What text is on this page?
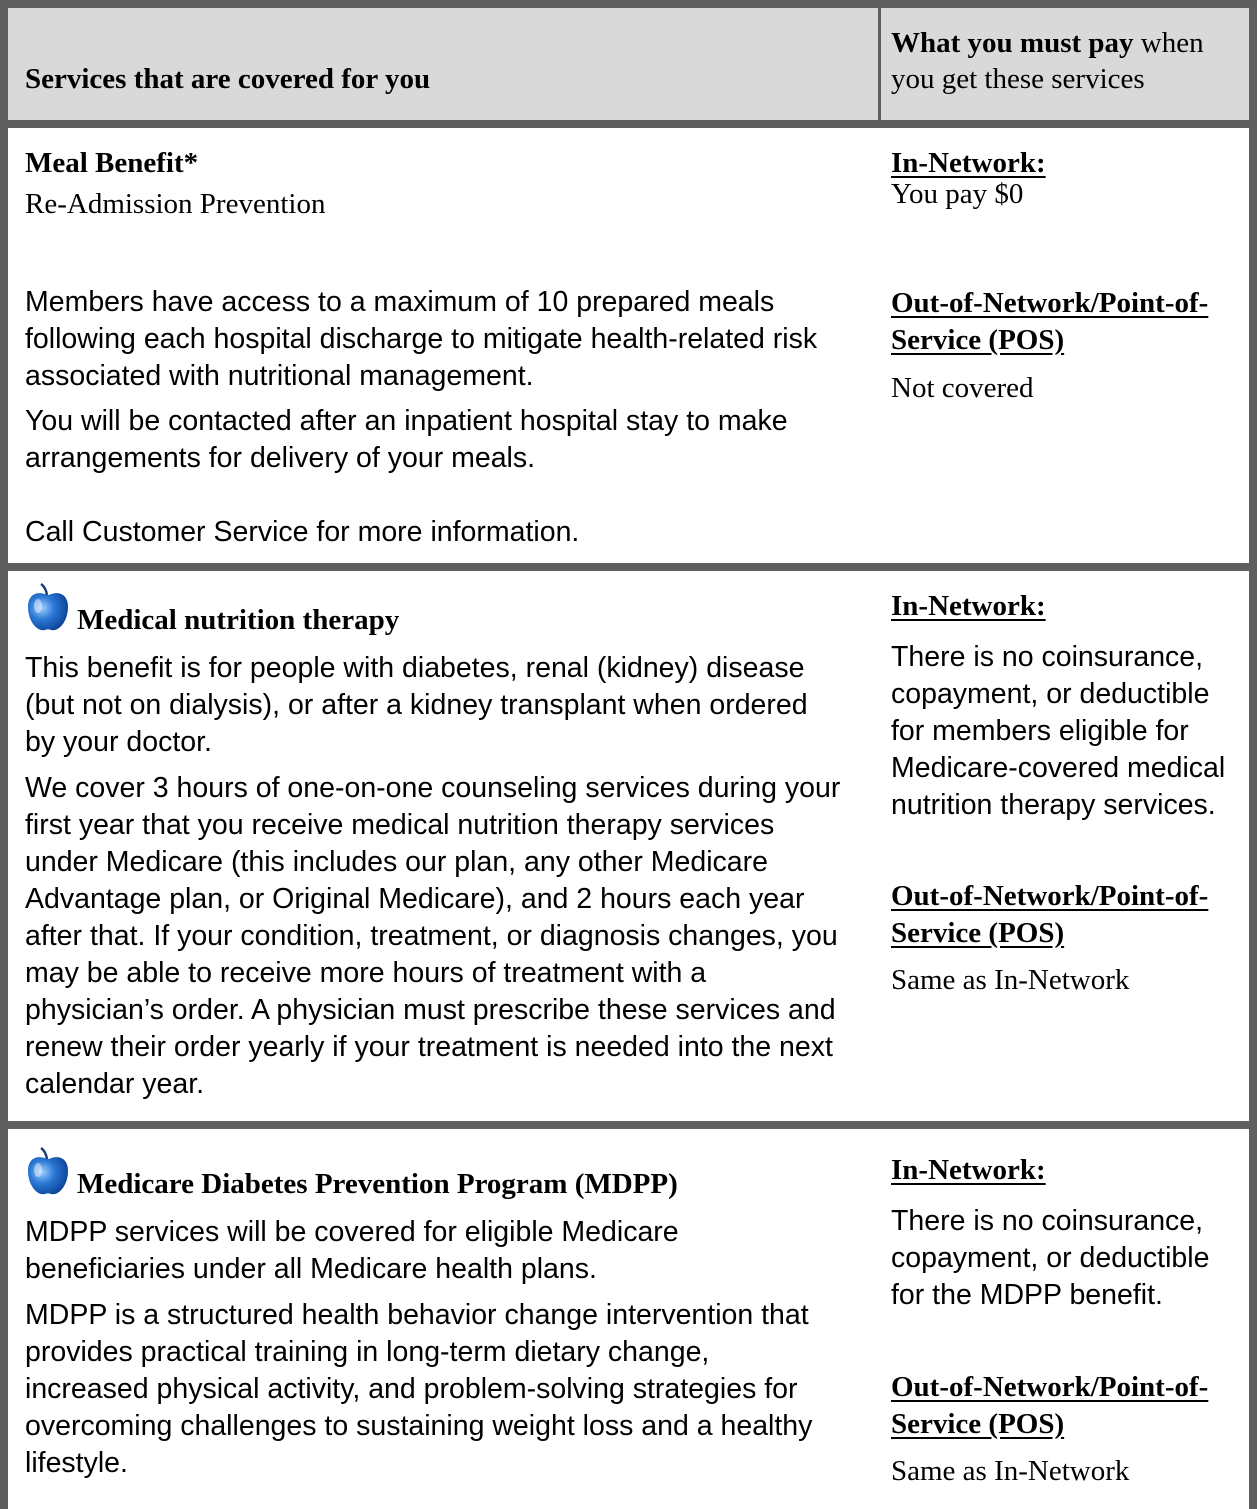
Services that are covered for you
What you must pay when
you get these services
Meal Benefit*
Re-Admission Prevention
Members have access to a maximum of 10 prepared meals
following each hospital discharge to mitigate health-related risk
associated with nutritional management.
You will be contacted after an inpatient hospital stay to make
arrangements for delivery of your meals.
Call Customer Service for more information.
In-Network:
You pay $0
Out-of-Network/Point-of-
Service (POS)
Not covered
Medical nutrition therapy
This benefit is for people with diabetes, renal (kidney) disease
(but not on dialysis), or after a kidney transplant when ordered
by your doctor.
We cover 3 hours of one-on-one counseling services during your
first year that you receive medical nutrition therapy services
under Medicare (this includes our plan, any other Medicare
Advantage plan, or Original Medicare), and 2 hours each year
after that. If your condition, treatment, or diagnosis changes, you
may be able to receive more hours of treatment with a
physician’s order. A physician must prescribe these services and
renew their order yearly if your treatment is needed into the next
calendar year.
In-Network:
There is no coinsurance,
copayment, or deductible
for members eligible for
Medicare-covered medical
nutrition therapy services.
Out-of-Network/Point-of-
Service (POS)
Same as In-Network
Medicare Diabetes Prevention Program (MDPP)
MDPP services will be covered for eligible Medicare
beneficiaries under all Medicare health plans.
MDPP is a structured health behavior change intervention that
provides practical training in long-term dietary change,
increased physical activity, and problem-solving strategies for
overcoming challenges to sustaining weight loss and a healthy
lifestyle.
In-Network:
There is no coinsurance,
copayment, or deductible
for the MDPP benefit.
Out-of-Network/Point-of-
Service (POS)
Same as In-Network
